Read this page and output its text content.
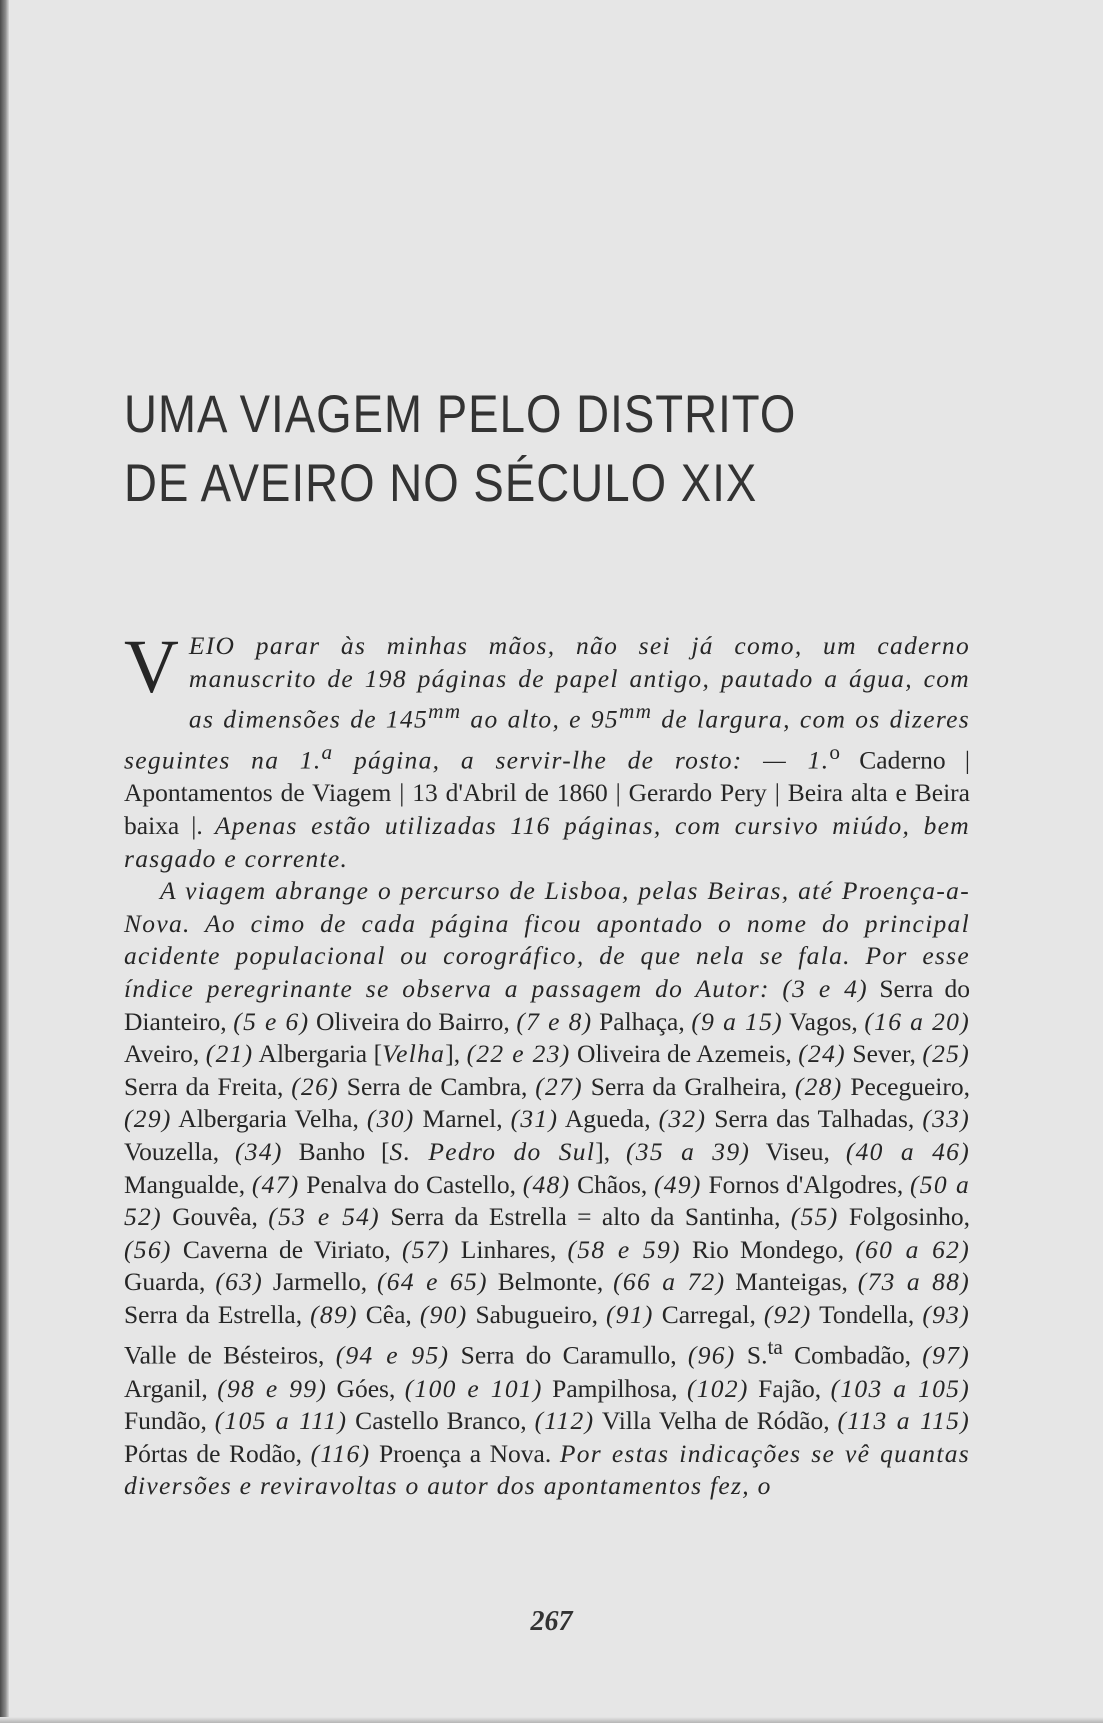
UMA VIAGEM PELO DISTRITO
DE AVEIRO NO SÉCULO XIX

VEIO parar às minhas mãos, não sei já como, um caderno manuscrito de 198 páginas de papel antigo, pautado a água, com as dimensões de $145^{mm}$ ao alto, e $95^{mm}$ de largura, com os dizeres seguintes na 1.$^a$ página, a servir-lhe de rosto: — 1.$^o$ Caderno | Apontamentos de Viagem | 13 d'Abril de 1860 | Gerardo Pery | Beira alta e Beira baixa |. Apenas estão utilizadas 116 páginas, com cursivo miúdo, bem rasgado e corrente.

A viagem abrange o percurso de Lisboa, pelas Beiras, até Proença-a-Nova. Ao cimo de cada página ficou apontado o nome do principal acidente populacional ou corográfico, de que nela se fala. Por esse índice peregrinante se observa a passagem do Autor: (3 e 4) Serra do Dianteiro, (5 e 6) Oliveira do Bairro, (7 e 8) Palhaça, (9 a 15) Vagos, (16 a 20) Aveiro, (21) Albergaria [Velha], (22 e 23) Oliveira de Azemeis, (24) Sever, (25) Serra da Freita, (26) Serra de Cambra, (27) Serra da Gralheira, (28) Pecegueiro, (29) Albergaria Velha, (30) Marnel, (31) Agueda, (32) Serra das Talhadas, (33) Vouzella, (34) Banho [S. Pedro do Sul], (35 a 39) Viseu, (40 a 46) Mangualde, (47) Penalva do Castello, (48) Chãos, (49) Fornos d'Algodres, (50 a 52) Gouvêa, (53 e 54) Serra da Estrella = alto da Santinha, (55) Folgosinho, (56) Caverna de Viriato, (57) Linhares, (58 e 59) Rio Mondego, (60 a 62) Guarda, (63) Jarmello, (64 e 65) Belmonte, (66 a 72) Manteigas, (73 a 88) Serra da Estrella, (89) Cêa, (90) Sabugueiro, (91) Carregal, (92) Tondella, (93) Valle de Bésteiros, (94 e 95) Serra do Caramullo, (96) S.$^{ta}$ Combadão, (97) Arganil, (98 e 99) Góes, (100 e 101) Pampilhosa, (102) Fajão, (103 a 105) Fundão, (105 a 111) Castello Branco, (112) Villa Velha de Ródão, (113 a 115) Pórtas de Rodão, (116) Proença a Nova. Por estas indicações se vê quantas diversões e reviravoltas o autor dos apontamentos fez, o

267
